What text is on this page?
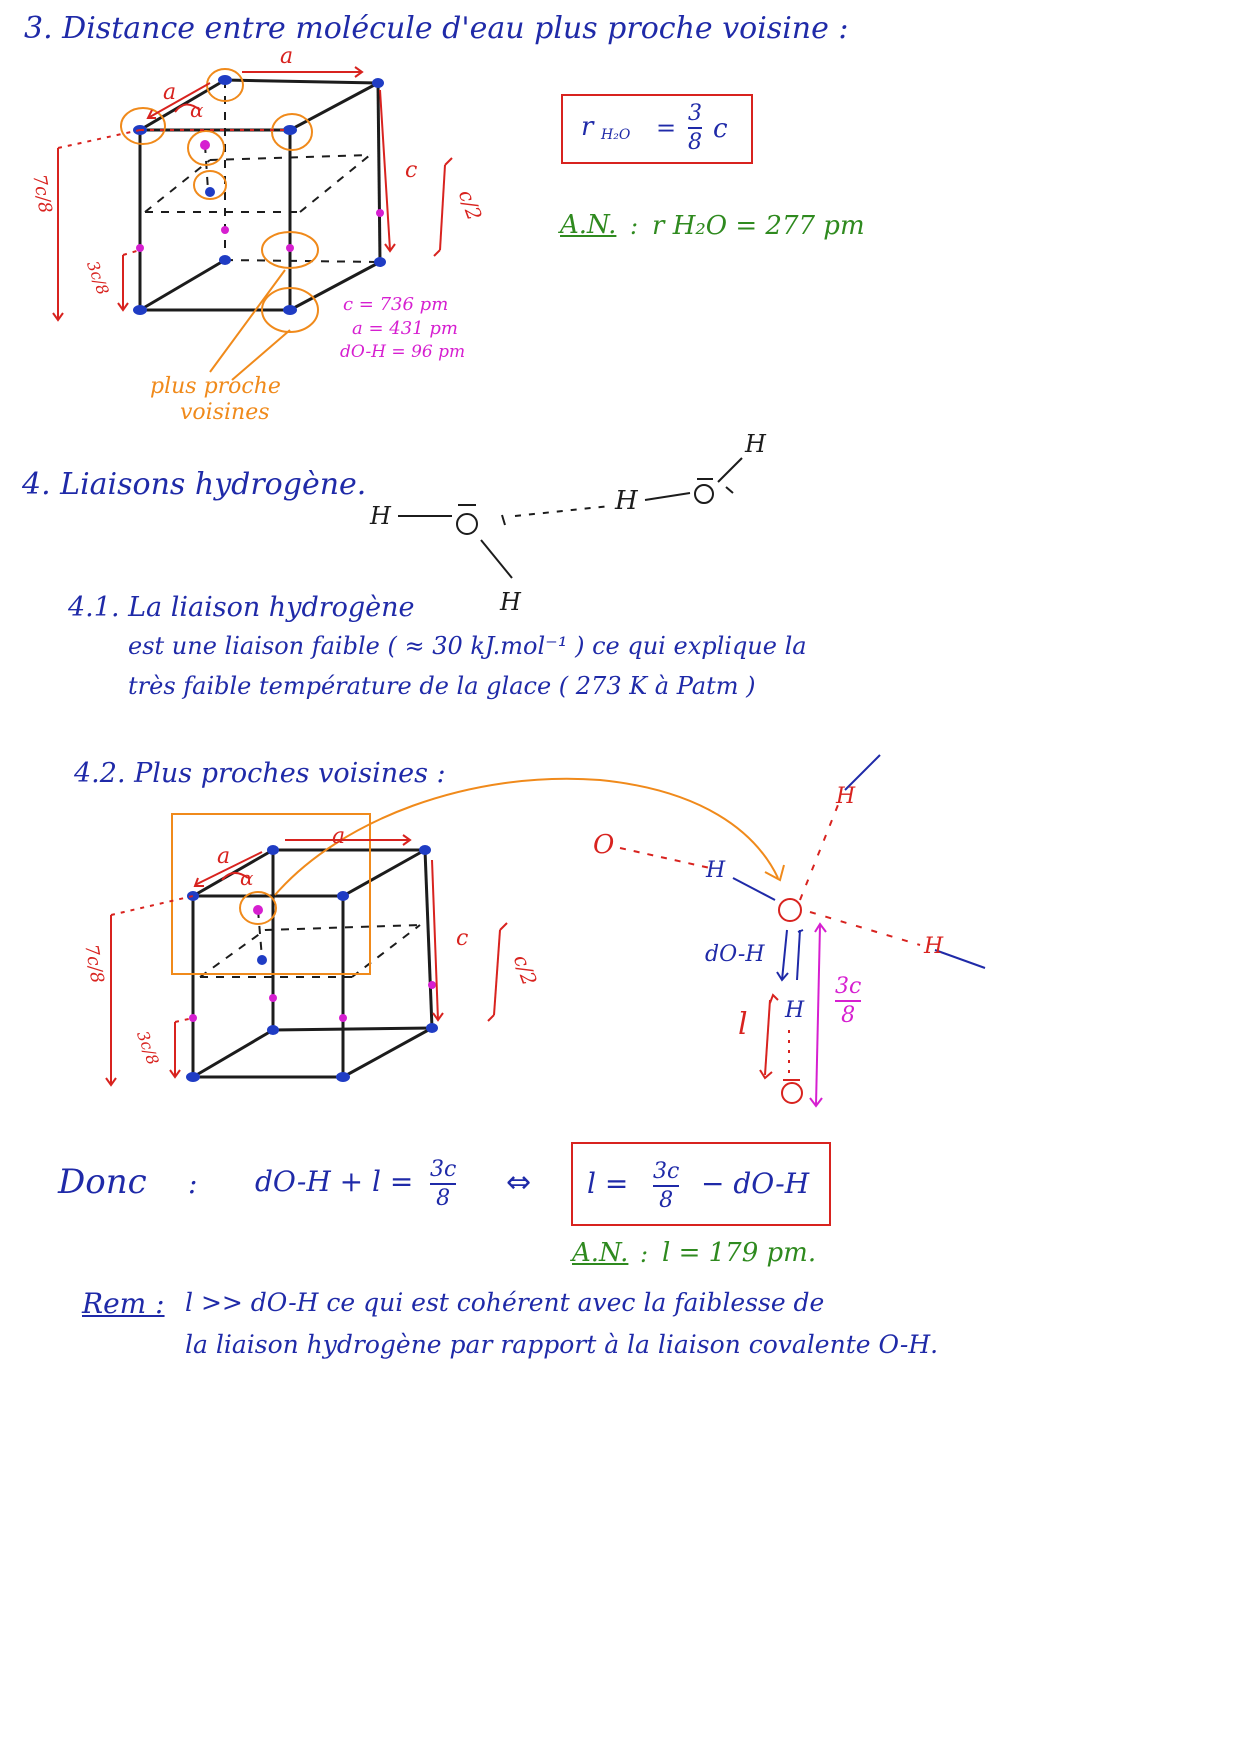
3. Distance entre molécule d'eau plus proche voisine :
a
a
α
c
c/2
7c/8
3c/8
r H₂O =
3
8 c
A.N. : r H₂O = 277 pm
c = 736 pm
a = 431 pm
dO-H = 96 pm
plus proche
voisines
4. Liaisons hydrogène.
H
H
H
H
4.1. La liaison hydrogène
est une liaison faible ( ≈ 30 kJ.mol⁻¹ ) ce qui explique la
très faible température de la glace ( 273 K à Patm )
4.2. Plus proches voisines :
a
a
α
c
c/2
7c/8
3c/8
O
H
H
H
H
dO-H
l
3c
8
Donc : dO-H + l = 3c
8 ⇔ l = 3c
8
− dO-H
A.N. : l = 179 pm.
Rem : l >> dO-H ce qui est cohérent avec la faiblesse de
la liaison hydrogène par rapport à la liaison covalente O-H.
